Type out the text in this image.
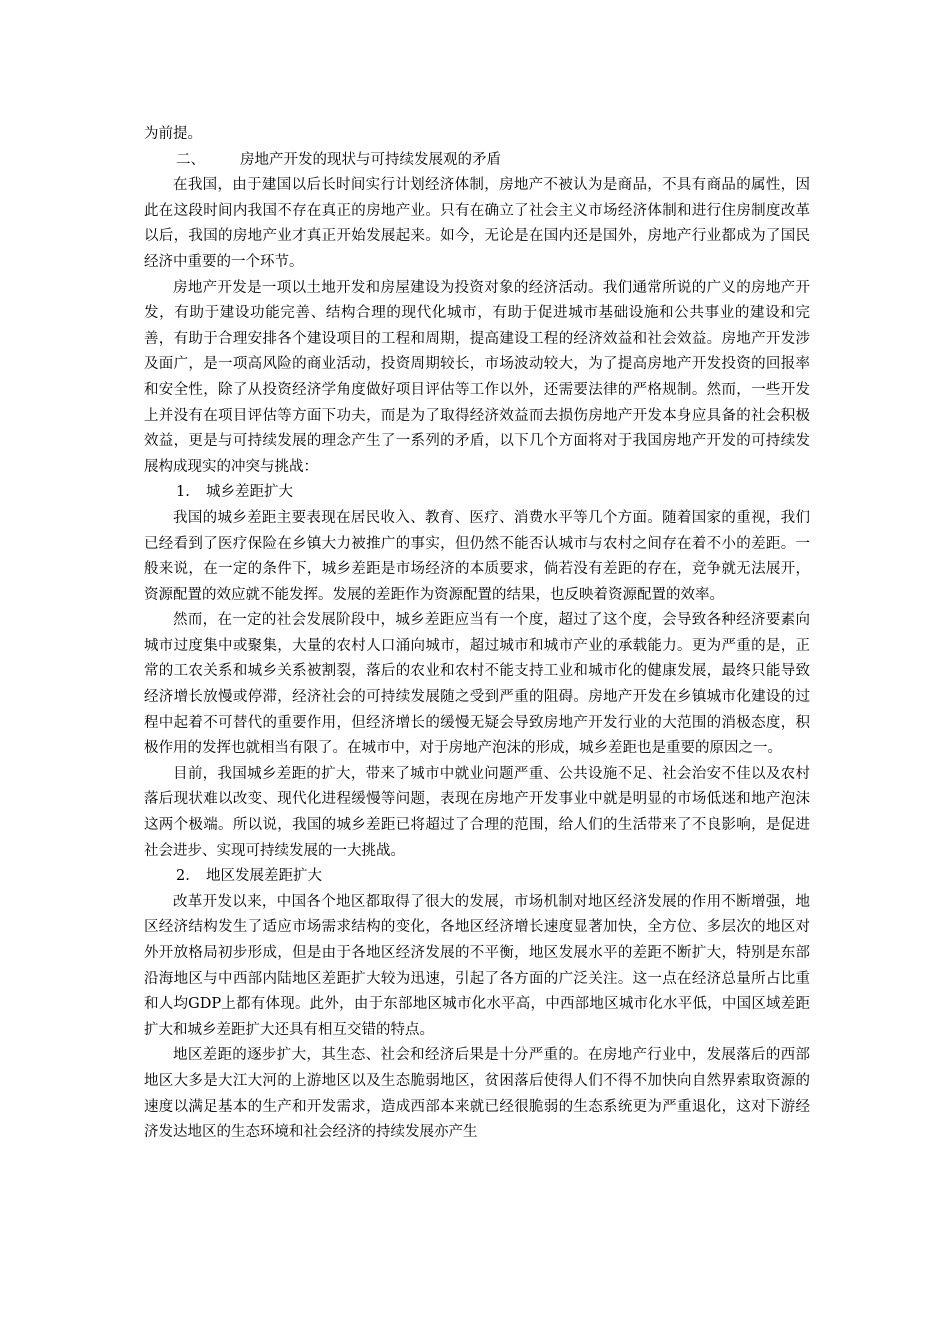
为前提。

二、 房地产开发的现状与可持续发展观的矛盾

在我国，由于建国以后长时间实行计划经济体制，房地产不被认为是商品，不具有商品的属性，因此在这段时间内我国不存在真正的房地产业。只有在确立了社会主义市场经济体制和进行住房制度改革以后，我国的房地产业才真正开始发展起来。如今，无论是在国内还是国外，房地产行业都成为了国民经济中重要的一个环节。

房地产开发是一项以土地开发和房屋建设为投资对象的经济活动。我们通常所说的广义的房地产开发，有助于建设功能完善、结构合理的现代化城市，有助于促进城市基础设施和公共事业的建设和完善，有助于合理安排各个建设项目的工程和周期，提高建设工程的经济效益和社会效益。房地产开发涉及面广，是一项高风险的商业活动，投资周期较长，市场波动较大，为了提高房地产开发投资的回报率和安全性，除了从投资经济学角度做好项目评估等工作以外，还需要法律的严格规制。然而，一些开发上并没有在项目评估等方面下功夫，而是为了取得经济效益而去损伤房地产开发本身应具备的社会积极效益，更是与可持续发展的理念产生了一系列的矛盾，以下几个方面将对于我国房地产开发的可持续发展构成现实的冲突与挑战：

1. 城乡差距扩大

我国的城乡差距主要表现在居民收入、教育、医疗、消费水平等几个方面。随着国家的重视，我们已经看到了医疗保险在乡镇大力被推广的事实，但仍然不能否认城市与农村之间存在着不小的差距。一般来说，在一定的条件下，城乡差距是市场经济的本质要求，倘若没有差距的存在，竞争就无法展开，资源配置的效应就不能发挥。发展的差距作为资源配置的结果，也反映着资源配置的效率。

然而，在一定的社会发展阶段中，城乡差距应当有一个度，超过了这个度，会导致各种经济要素向城市过度集中或聚集，大量的农村人口涌向城市，超过城市和城市产业的承载能力。更为严重的是，正常的工农关系和城乡关系被割裂，落后的农业和农村不能支持工业和城市化的健康发展，最终只能导致经济增长放慢或停滞，经济社会的可持续发展随之受到严重的阻碍。房地产开发在乡镇城市化建设的过程中起着不可替代的重要作用，但经济增长的缓慢无疑会导致房地产开发行业的大范围的消极态度，积极作用的发挥也就相当有限了。在城市中，对于房地产泡沫的形成，城乡差距也是重要的原因之一。

目前，我国城乡差距的扩大，带来了城市中就业问题严重、公共设施不足、社会治安不佳以及农村落后现状难以改变、现代化进程缓慢等问题，表现在房地产开发事业中就是明显的市场低迷和地产泡沫这两个极端。所以说，我国的城乡差距已将超过了合理的范围，给人们的生活带来了不良影响，是促进社会进步、实现可持续发展的一大挑战。

2. 地区发展差距扩大

改革开发以来，中国各个地区都取得了很大的发展，市场机制对地区经济发展的作用不断增强，地区经济结构发生了适应市场需求结构的变化，各地区经济增长速度显著加快，全方位、多层次的地区对外开放格局初步形成，但是由于各地区经济发展的不平衡，地区发展水平的差距不断扩大，特别是东部沿海地区与中西部内陆地区差距扩大较为迅速，引起了各方面的广泛关注。这一点在经济总量所占比重和人均GDP上都有体现。此外，由于东部地区城市化水平高，中西部地区城市化水平低，中国区域差距扩大和城乡差距扩大还具有相互交错的特点。

地区差距的逐步扩大，其生态、社会和经济后果是十分严重的。在房地产行业中，发展落后的西部地区大多是大江大河的上游地区以及生态脆弱地区，贫困落后使得人们不得不加快向自然界索取资源的速度以满足基本的生产和开发需求，造成西部本来就已经很脆弱的生态系统更为严重退化，这对下游经济发达地区的生态环境和社会经济的持续发展亦产生
